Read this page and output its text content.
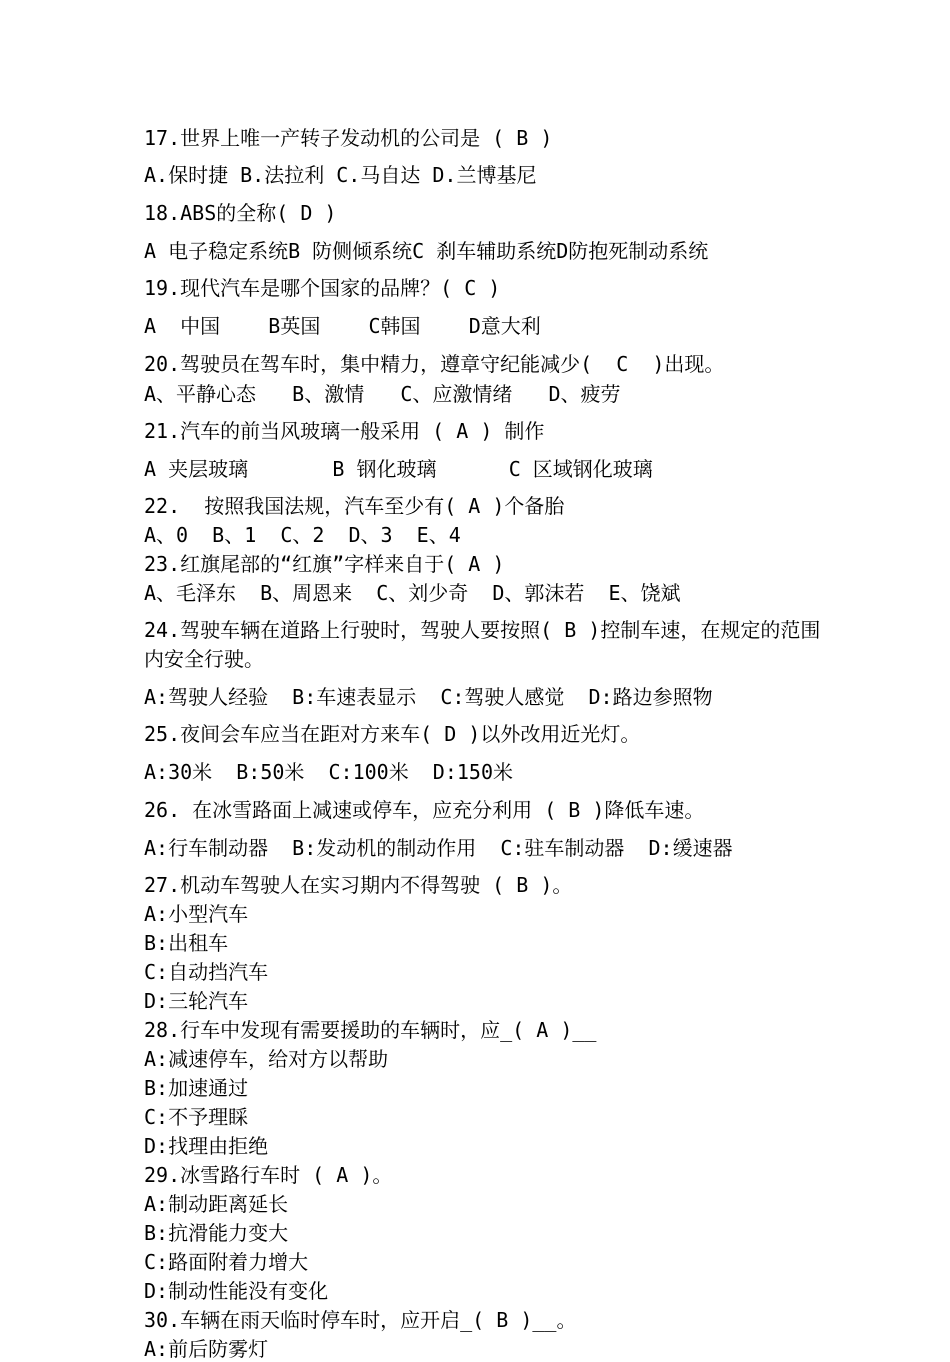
17.世界上唯一产转子发动机的公司是 ( B )
A.保时捷 B.法拉利 C.马自达 D.兰博基尼
18.ABS的全称( D )
A 电子稳定系统B 防侧倾系统C 刹车辅助系统D防抱死制动系统
19.现代汽车是哪个国家的品牌？( C )
A  中国    B英国    C韩国    D意大利
20.驾驶员在驾车时，集中精力，遵章守纪能减少(  C  )出现。
A、平静心态   B、激情   C、应激情绪   D、疲劳
21.汽车的前当风玻璃一般采用 ( A ) 制作
A 夹层玻璃       B 钢化玻璃      C 区域钢化玻璃
22.  按照我国法规，汽车至少有( A )个备胎
A、0  B、1  C、2  D、3  E、4
23.红旗尾部的“红旗”字样来自于( A )
A、毛泽东  B、周恩来  C、刘少奇  D、郭沫若  E、饶斌
24.驾驶车辆在道路上行驶时，驾驶人要按照( B )控制车速，在规定的范围内安全行驶。
A:驾驶人经验  B:车速表显示  C:驾驶人感觉  D:路边参照物
25.夜间会车应当在距对方来车( D )以外改用近光灯。
A:30米  B:50米  C:100米  D:150米
26. 在冰雪路面上减速或停车，应充分利用 ( B )降低车速。
A:行车制动器  B:发动机的制动作用  C:驻车制动器  D:缓速器
27.机动车驾驶人在实习期内不得驾驶 ( B )。
A:小型汽车
B:出租车
C:自动挡汽车
D:三轮汽车
28.行车中发现有需要援助的车辆时，应_( A )__
A:减速停车，给对方以帮助
B:加速通过
C:不予理睬
D:找理由拒绝
29.冰雪路行车时 ( A )。
A:制动距离延长
B:抗滑能力变大
C:路面附着力增大
D:制动性能没有变化
30.车辆在雨天临时停车时，应开启_( B )__。
A:前后防雾灯
